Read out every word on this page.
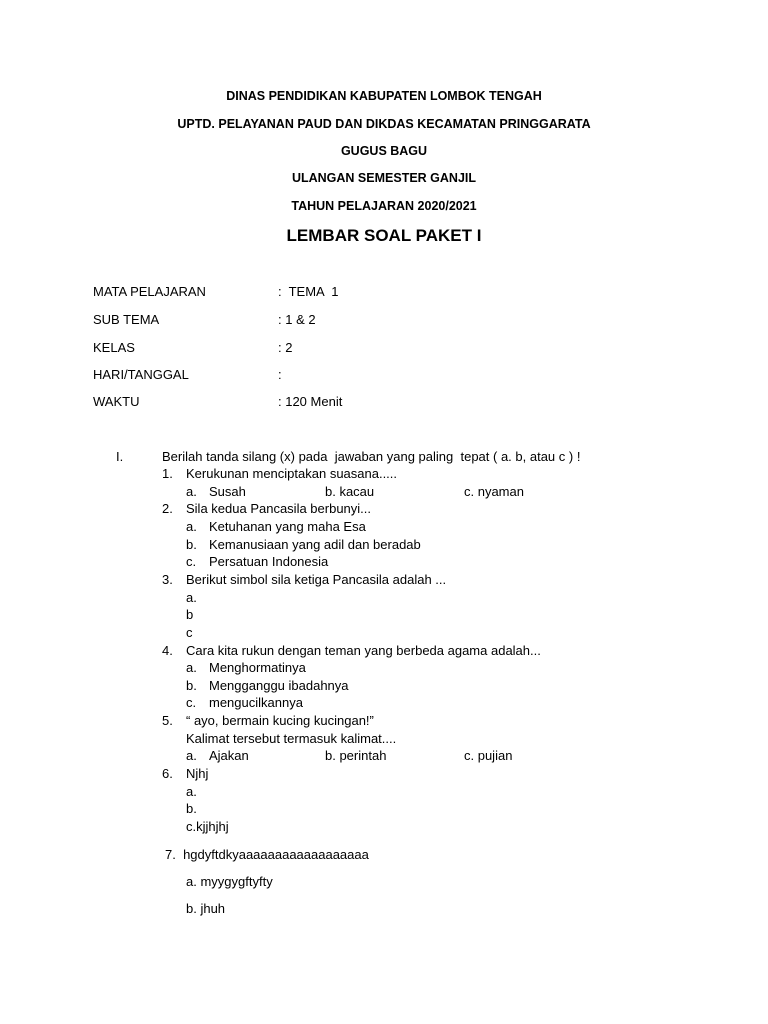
DINAS PENDIDIKAN KABUPATEN LOMBOK TENGAH
UPTD. PELAYANAN PAUD DAN DIKDAS KECAMATAN PRINGGARATA
GUGUS BAGU
ULANGAN SEMESTER GANJIL
TAHUN PELAJARAN 2020/2021
LEMBAR SOAL PAKET I
MATA PELAJARAN	:  TEMA  1
SUB TEMA	: 1 & 2
KELAS	: 2
HARI/TANGGAL	:
WAKTU	: 120 Menit
I.	Berilah tanda silang (x) pada  jawaban yang paling  tepat ( a. b, atau c ) !
1. Kerukunan menciptakan suasana.....
a. Susah	b. kacau	c. nyaman
2. Sila kedua Pancasila berbunyi...
a. Ketuhanan yang maha Esa
b. Kemanusiaan yang adil dan beradab
c. Persatuan Indonesia
3. Berikut simbol sila ketiga Pancasila adalah ...
a.
b
c
4. Cara kita rukun dengan teman yang berbeda agama adalah...
a. Menghormatinya
b. Mengganggu ibadahnya
c. mengucilkannya
5. “ ayo, bermain kucing kucingan!”
Kalimat tersebut termasuk kalimat....
a. Ajakan	b. perintah	c. pujian
6. Njhj
a.
b.
c.kjjhjhj
7.  hgdyftdkyaaaaaaaaaaaaaaaaaa
a. myygygftyfty
b. jhuh
